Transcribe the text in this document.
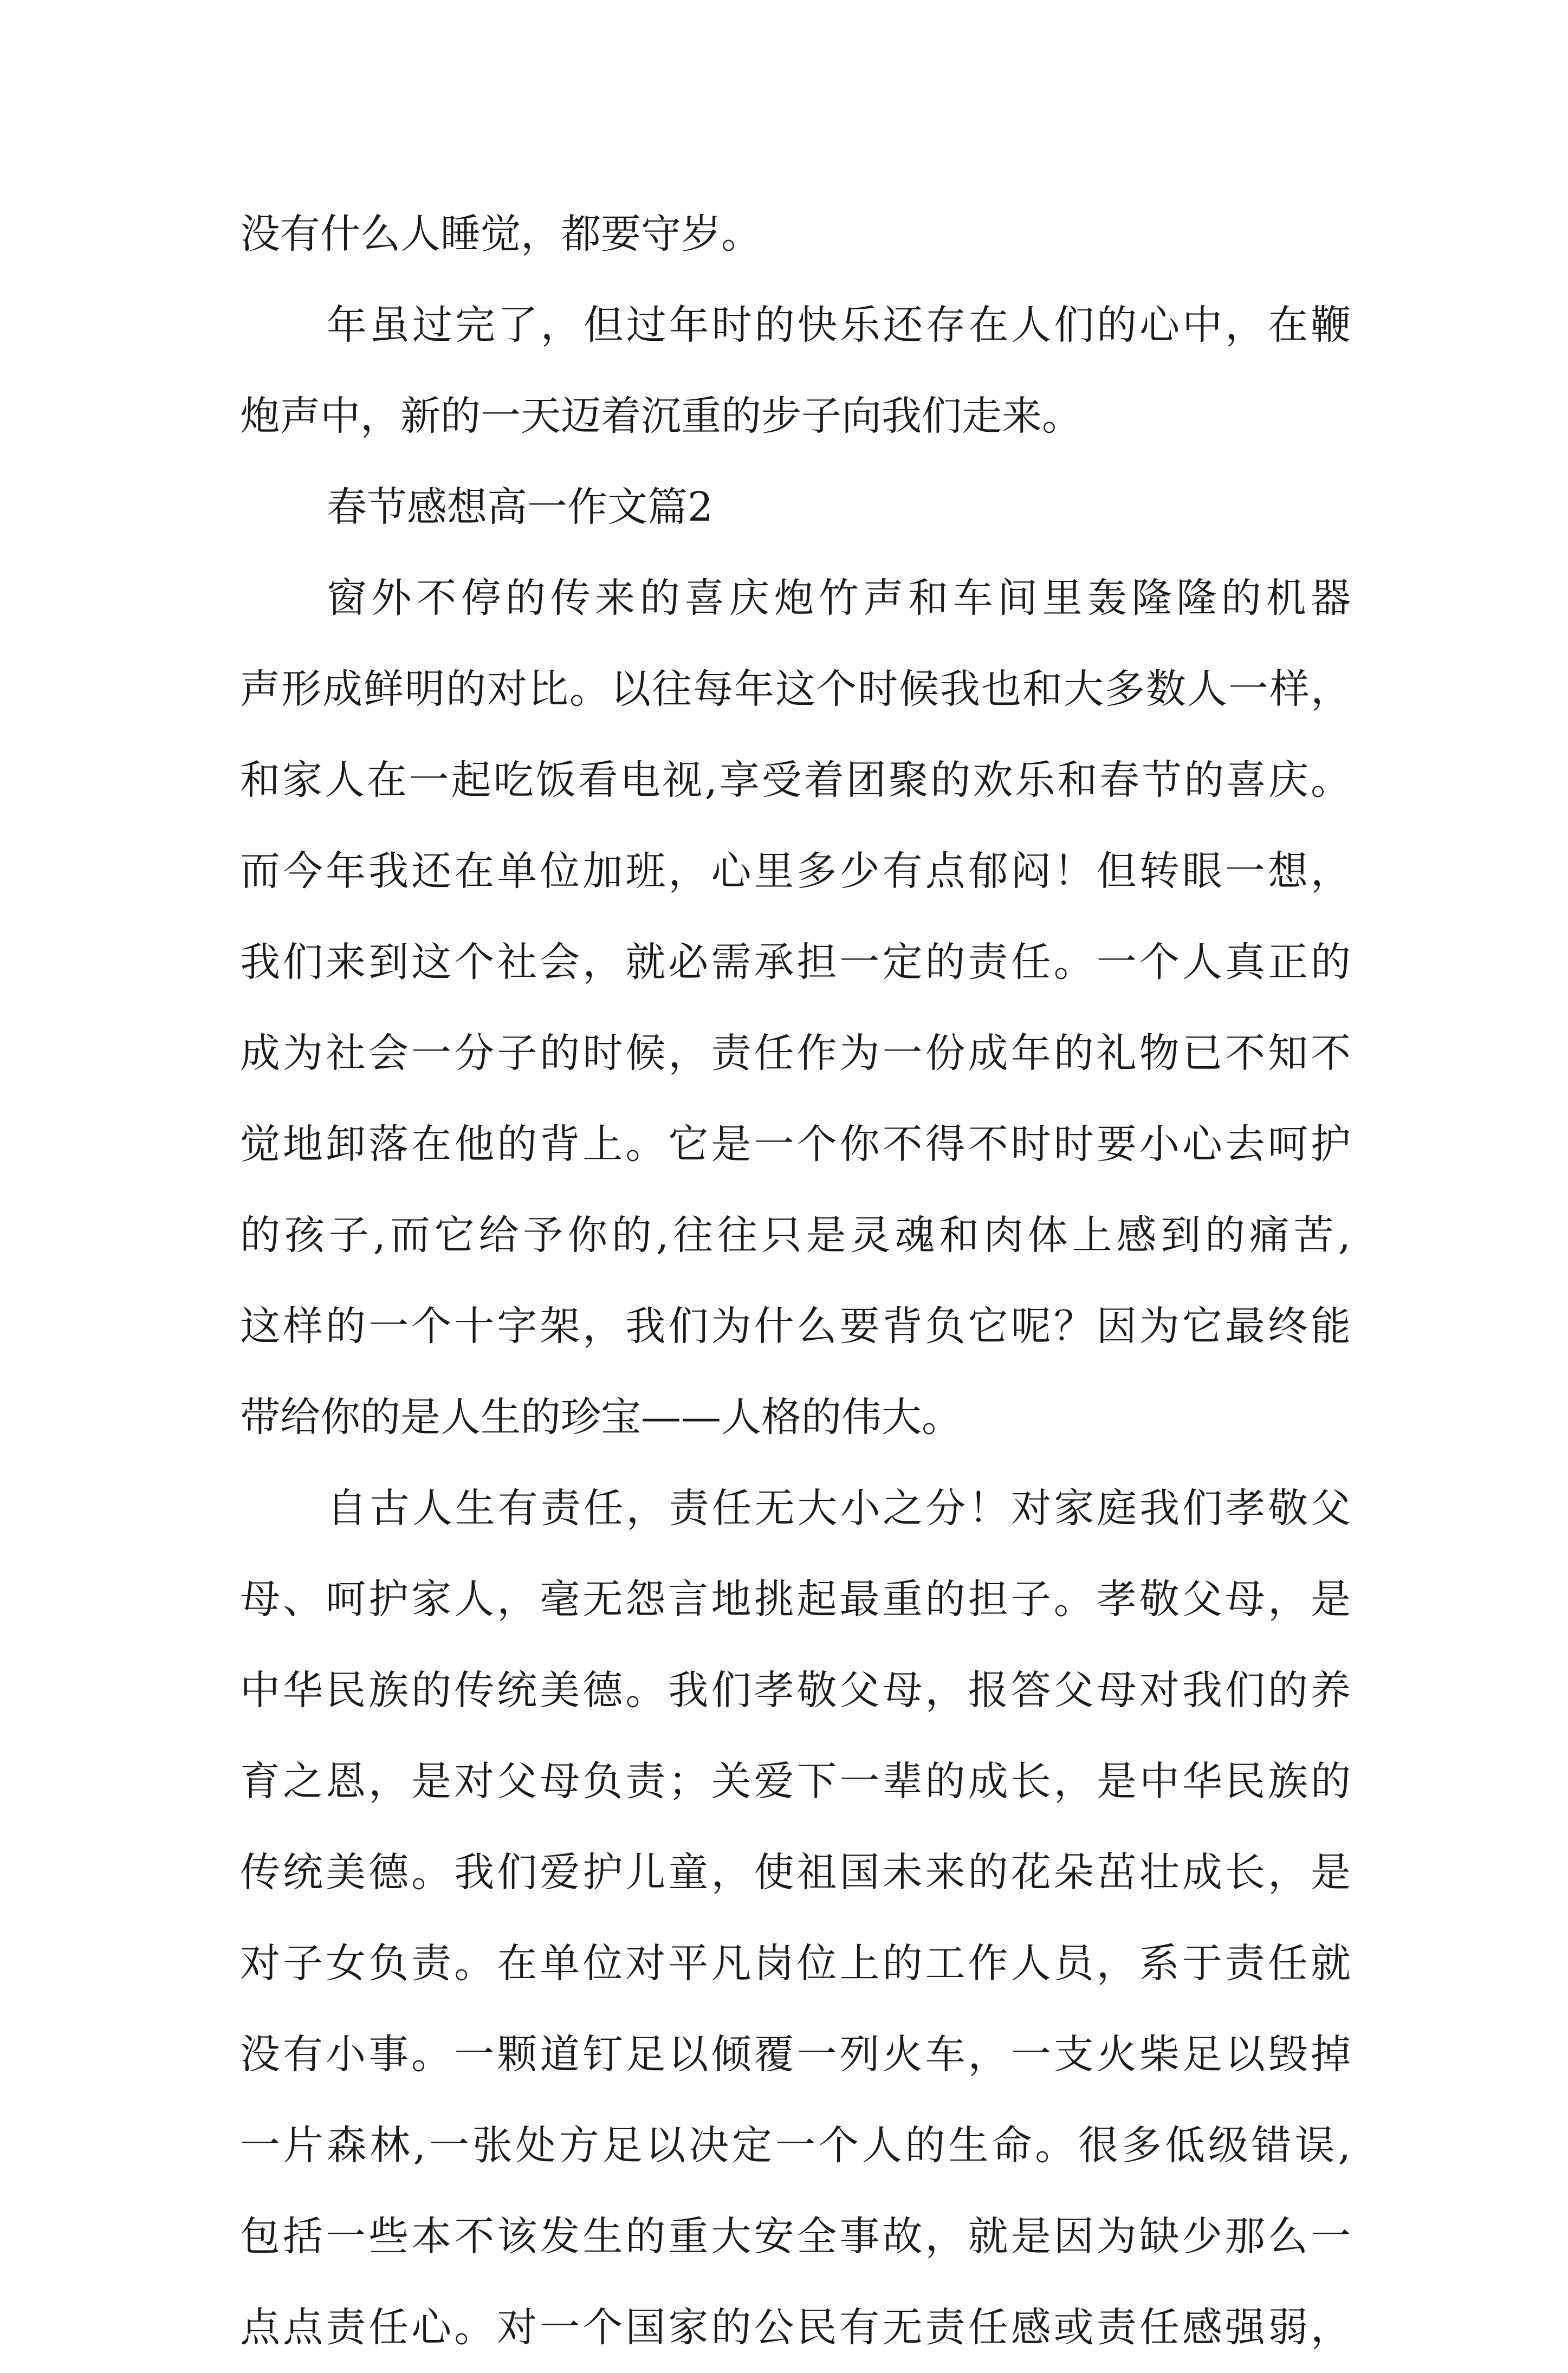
没有什么人睡觉，都要守岁。
年虽过完了，但过年时的快乐还存在人们的心中，在鞭
炮声中，新的一天迈着沉重的步子向我们走来。
春节感想高一作文篇2
窗外不停的传来的喜庆炮竹声和车间里轰隆隆的机器
声形成鲜明的对比。以往每年这个时候我也和大多数人一样，
和家人在一起吃饭看电视,享受着团聚的欢乐和春节的喜庆。
而今年我还在单位加班，心里多少有点郁闷！但转眼一想，
我们来到这个社会，就必需承担一定的责任。一个人真正的
成为社会一分子的时候，责任作为一份成年的礼物已不知不
觉地卸落在他的背上。它是一个你不得不时时要小心去呵护
的孩子,而它给予你的,往往只是灵魂和肉体上感到的痛苦,
这样的一个十字架，我们为什么要背负它呢？因为它最终能
带给你的是人生的珍宝——人格的伟大。
自古人生有责任，责任无大小之分！对家庭我们孝敬父
母、呵护家人，毫无怨言地挑起最重的担子。孝敬父母，是
中华民族的传统美德。我们孝敬父母，报答父母对我们的养
育之恩，是对父母负责；关爱下一辈的成长，是中华民族的
传统美德。我们爱护儿童，使祖国未来的花朵茁壮成长，是
对子女负责。在单位对平凡岗位上的工作人员，系于责任就
没有小事。一颗道钉足以倾覆一列火车，一支火柴足以毁掉
一片森林,一张处方足以决定一个人的生命。很多低级错误,
包括一些本不该发生的重大安全事故，就是因为缺少那么一
点点责任心。对一个国家的公民有无责任感或责任感强弱，
